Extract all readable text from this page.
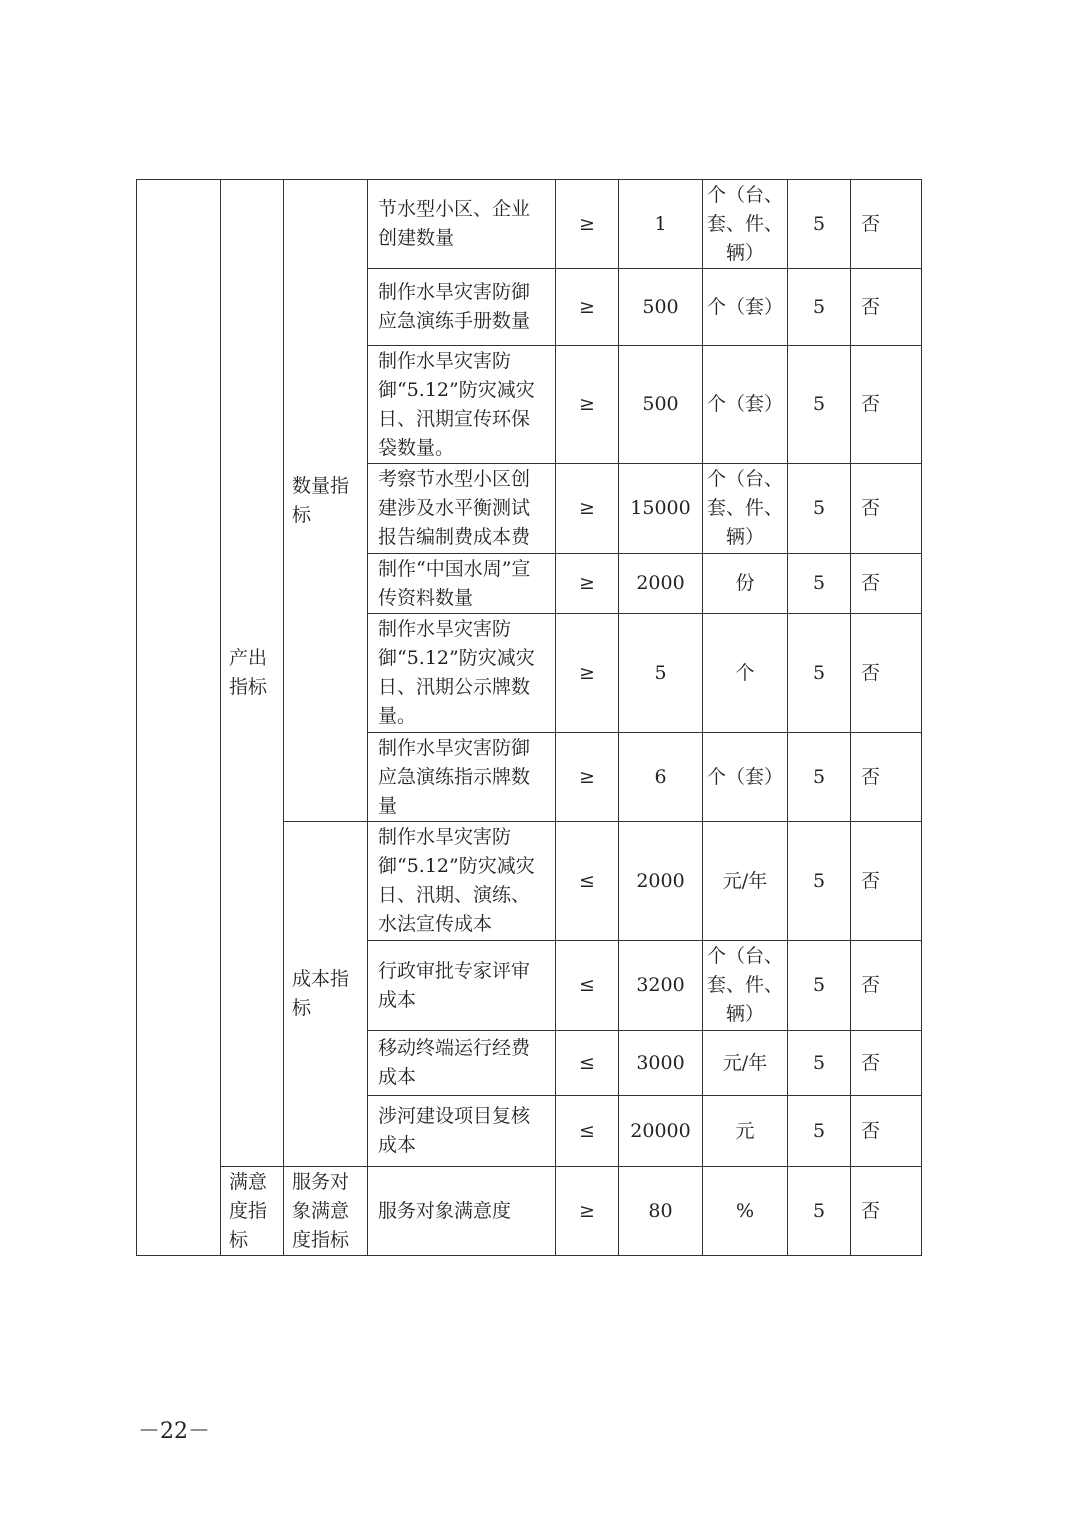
	产出指标	数量指标	节水型小区、企业创建数量	≥	1	个（台、套、件、辆）	5	否
			制作水旱灾害防御应急演练手册数量	≥	500	个（套）	5	否
			制作水旱灾害防御“5.12”防灾减灾日、汛期宣传环保袋数量。	≥	500	个（套）	5	否
			考察节水型小区创建涉及水平衡测试报告编制费成本费	≥	15000	个（台、套、件、辆）	5	否
			制作“中国水周”宣传资料数量	≥	2000	份	5	否
			制作水旱灾害防御“5.12”防灾减灾日、汛期公示牌数量。	≥	5	个	5	否
			制作水旱灾害防御应急演练指示牌数量	≥	6	个（套）	5	否
		成本指标	制作水旱灾害防御“5.12”防灾减灾日、汛期、演练、水法宣传成本	≤	2000	元/年	5	否
			行政审批专家评审成本	≤	3200	个（台、套、件、辆）	5	否
			移动终端运行经费成本	≤	3000	元/年	5	否
			涉河建设项目复核成本	≤	20000	元	5	否
	满意度指标	服务对象满意度指标	服务对象满意度	≥	80	%	5	否
－22－
